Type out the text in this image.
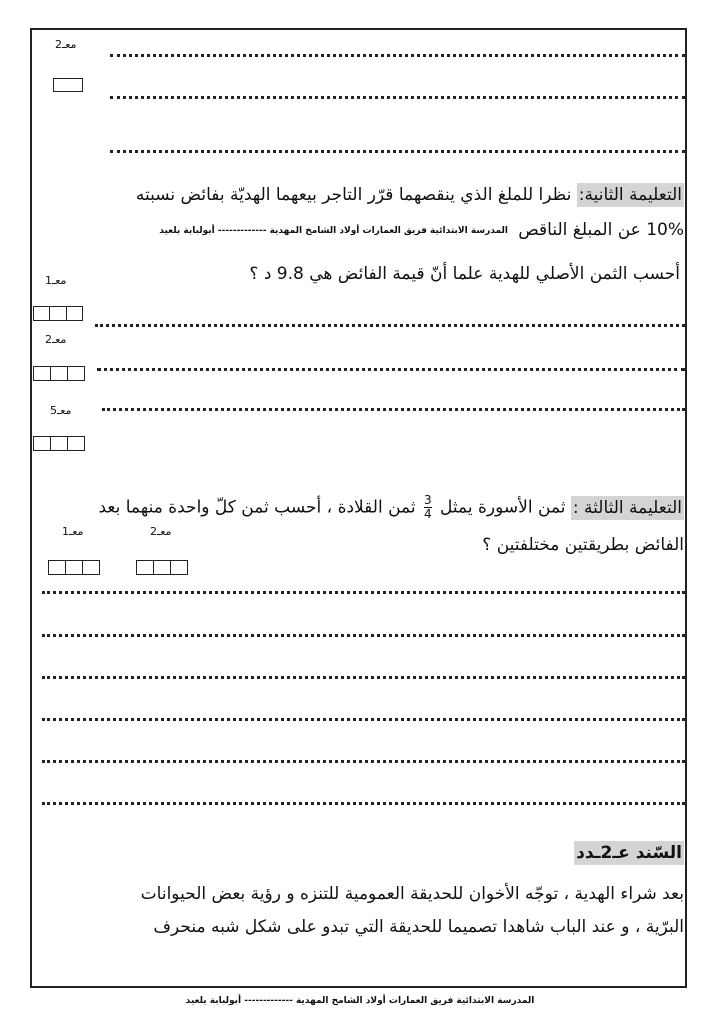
معـ2
التعليمة الثانية: نظرا للملغ الذي ينقصهما قرّر التاجر بيعهما الهديّة بفائض نسبته
10% عن المبلغ الناقص
المدرسة الابتدائية فريق العمارات أولاد الشامخ المهدية ------------- أبولبابة بلعيد
أحسب الثمن الأصلي للهدية علما أنّ قيمة الفائض هي 9.8 د ؟
معـ1
معـ2
معـ5
التعليمة الثالثة : ثمن الأسورة يمثل
$\frac{3}{4}$
ثمن القلادة ، أحسب ثمن كلّ واحدة منهما بعد
الفائض بطريقتين مختلفتين ؟
معـ1	معـ2
السّند عـ2ـدد
بعد شراء الهدية ، توجّه الأخوان للحديقة العمومية للتنزه و رؤية بعض الحيوانات
البرّية ، و عند الباب شاهدا تصميما للحديقة التي تبدو على شكل شبه منحرف
المدرسة الابتدائية فريق العمارات أولاد الشامخ المهدية ------------- أبولبابة بلعيد
